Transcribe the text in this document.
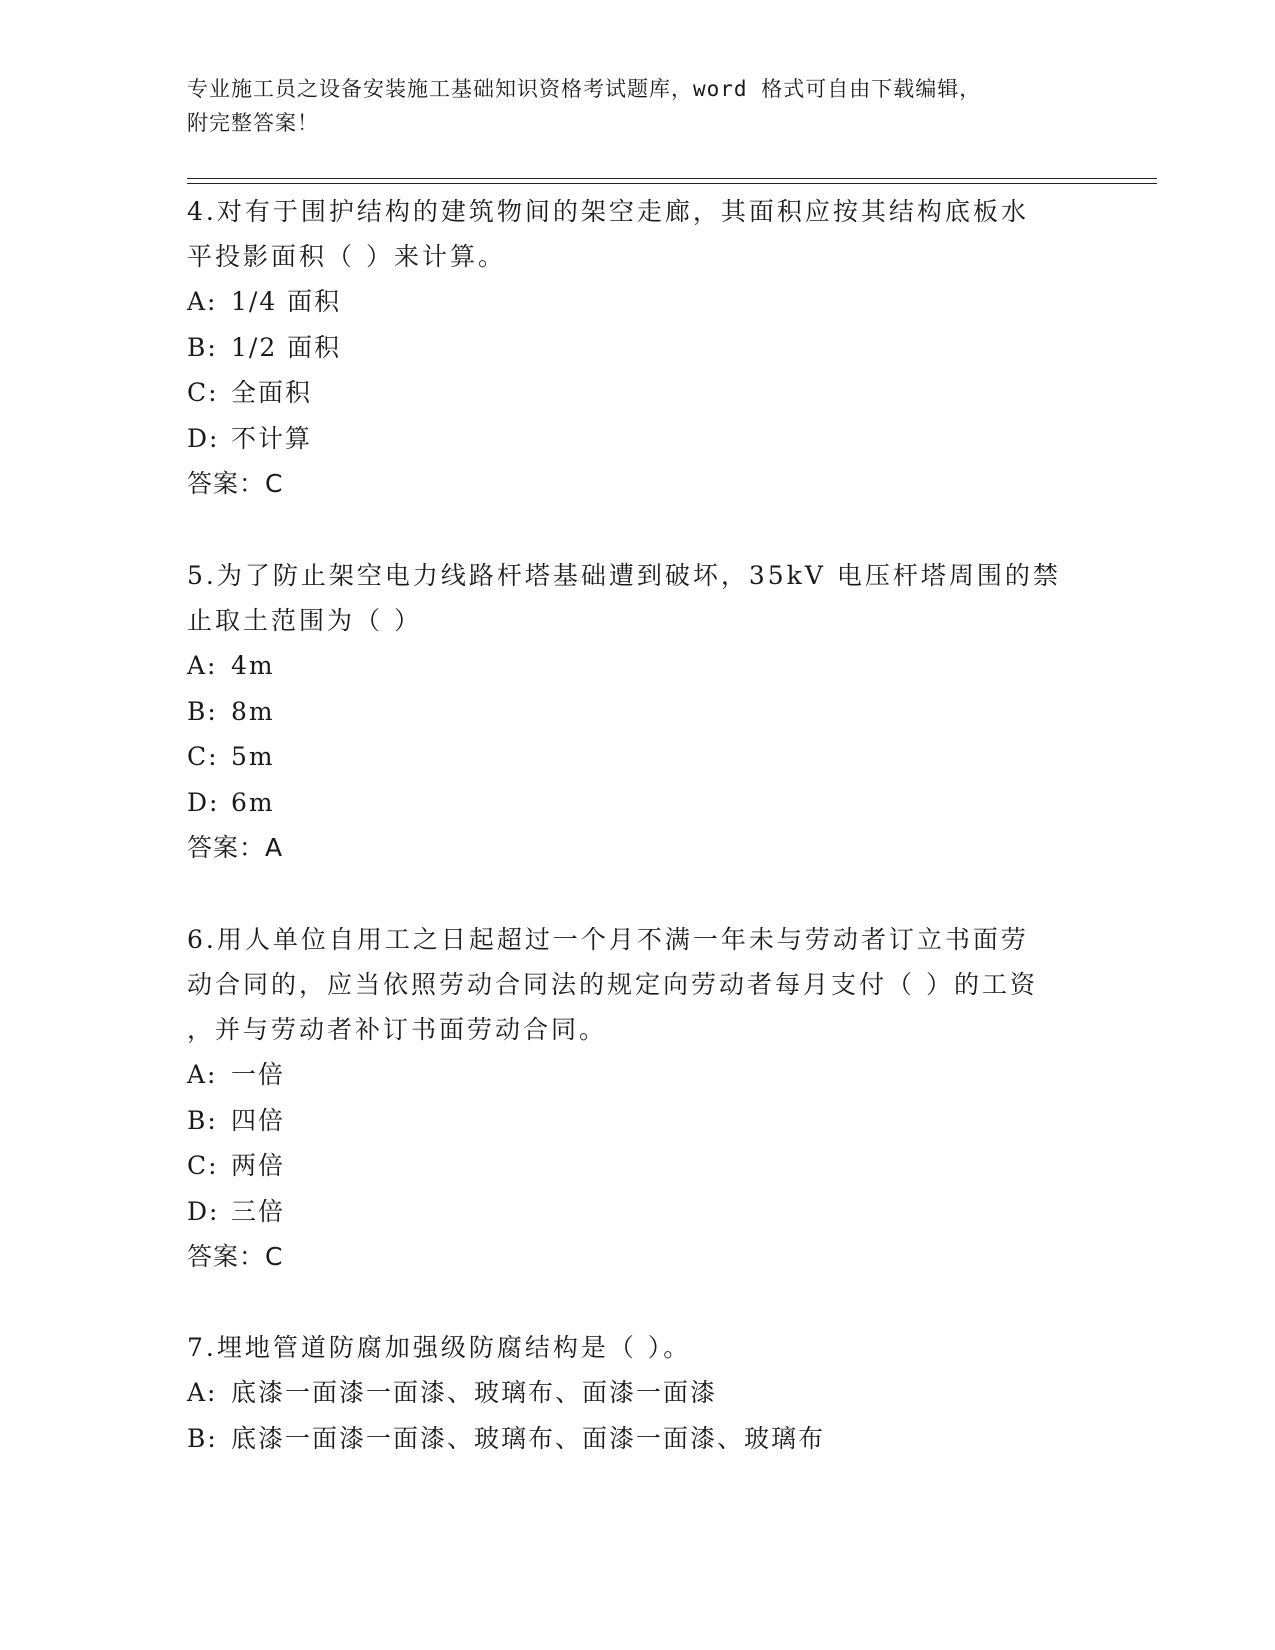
专业施工员之设备安装施工基础知识资格考试题库，word 格式可自由下载编辑，
附完整答案！

4.对有于围护结构的建筑物间的架空走廊，其面积应按其结构底板水

平投影面积（ ）来计算。

A: 1/4 面积

B: 1/2 面积

C: 全面积

D: 不计算

答案：C

5.为了防止架空电力线路杆塔基础遭到破坏，35kV 电压杆塔周围的禁

止取土范围为（ ）

A: 4m

B: 8m

C: 5m

D: 6m

答案：A

6.用人单位自用工之日起超过一个月不满一年未与劳动者订立书面劳

动合同的，应当依照劳动合同法的规定向劳动者每月支付（ ）的工资

，并与劳动者补订书面劳动合同。

A: 一倍

B: 四倍

C: 两倍

D: 三倍

答案：C

7.埋地管道防腐加强级防腐结构是（ ）。

A: 底漆一面漆一面漆、玻璃布、面漆一面漆

B: 底漆一面漆一面漆、玻璃布、面漆一面漆、玻璃布
